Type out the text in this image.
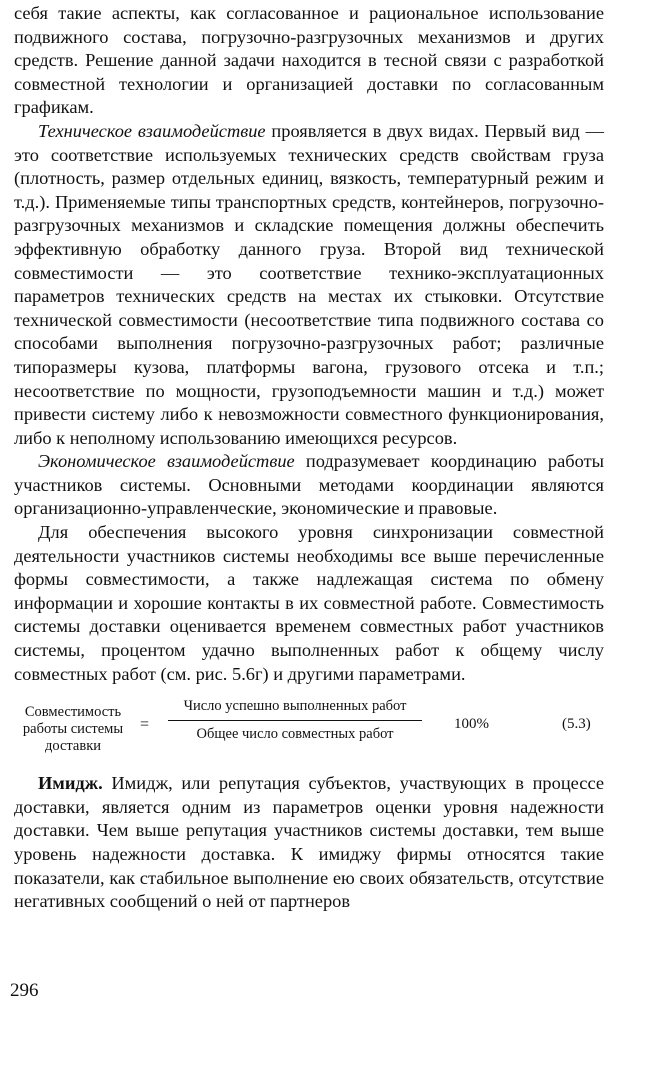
себя такие аспекты, как согласованное и рациональное использование подвижного состава, погрузочно-разгрузочных механизмов и других средств. Решение данной задачи находится в тесной связи с разработкой совместной технологии и организацией доставки по согласованным графикам.

Техническое взаимодействие проявляется в двух видах. Первый вид — это соответствие используемых технических средств свойствам груза (плотность, размер отдельных единиц, вязкость, температурный режим и т.д.). Применяемые типы транспортных средств, контейнеров, погрузочно-разгрузочных механизмов и складские помещения должны обеспечить эффективную обработку данного груза. Второй вид технической совместимости — это соответствие технико-эксплуатационных параметров технических средств на местах их стыковки. Отсутствие технической совместимости (несоответствие типа подвижного состава со способами выполнения погрузочно-разгрузочных работ; различные типоразмеры кузова, платформы вагона, грузового отсека и т.п.; несоответствие по мощности, грузоподъемности машин и т.д.) может привести систему либо к невозможности совместного функционирования, либо к неполному использованию имеющихся ресурсов.

Экономическое взаимодействие подразумевает координацию работы участников системы. Основными методами координации являются организационно-управленческие, экономические и правовые.

Для обеспечения высокого уровня синхронизации совместной деятельности участников системы необходимы все выше перечисленные формы совместимости, а также надлежащая система по обмену информации и хорошие контакты в их совместной работе. Совместимость системы доставки оценивается временем совместных работ участников системы, процентом удачно выполненных работ к общему числу совместных работ (см. рис. 5.6г) и другими параметрами.

Совместимость
работы системы
доставки
=
Число успешно выполненных работ
Общее число совместных работ
100%	(5.3)

Имидж. Имидж, или репутация субъектов, участвующих в процессе доставки, является одним из параметров оценки уровня надежности доставки. Чем выше репутация участников системы доставки, тем выше уровень надежности доставка. К имиджу фирмы относятся такие показатели, как стабильное выполнение ею своих обязательств, отсутствие негативных сообщений о ней от партнеров

296
